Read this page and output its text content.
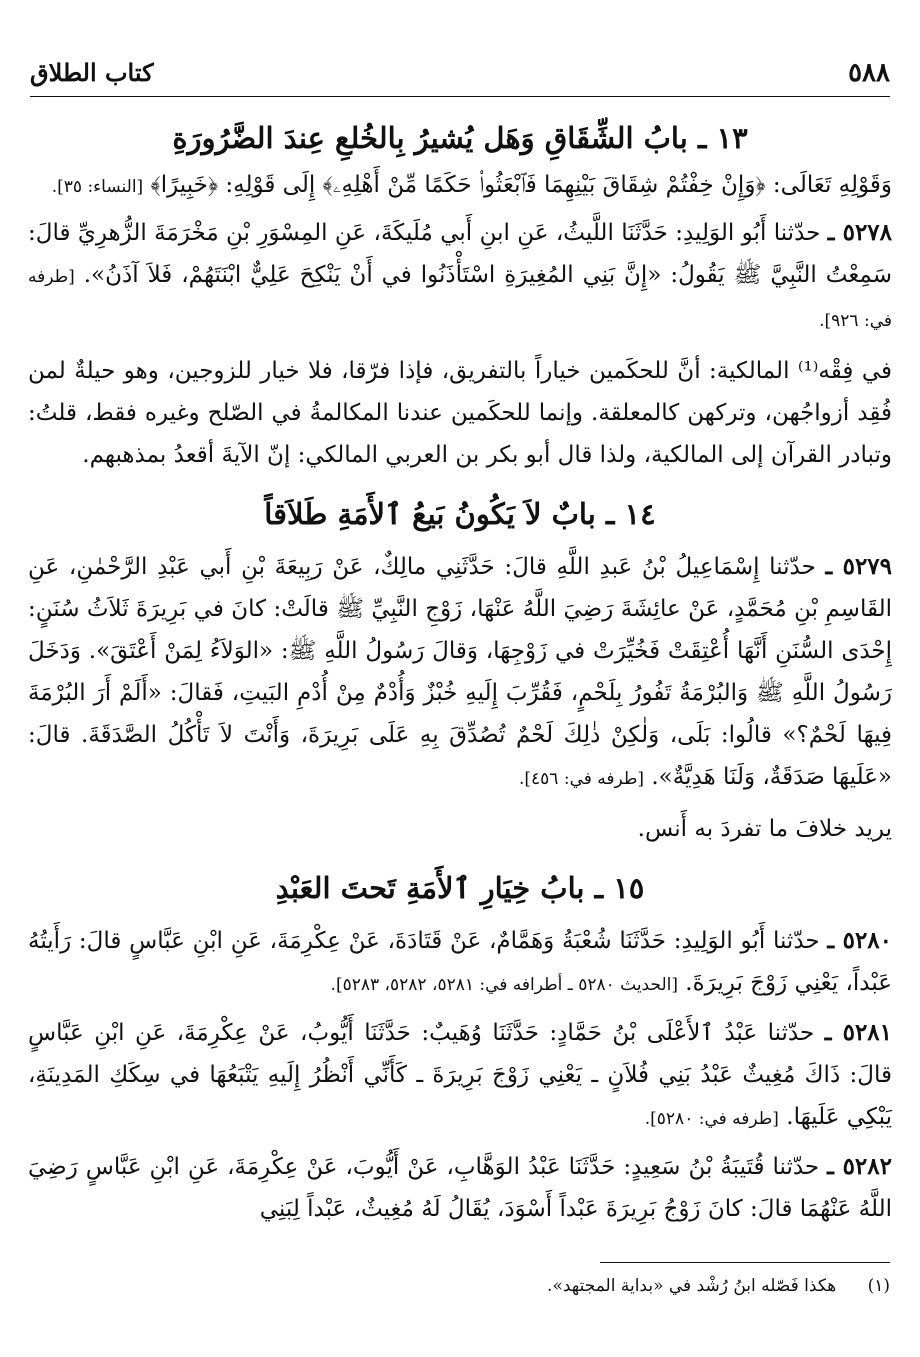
٥٨٨
كتاب الطلاق
١٣ ـ بابُ الشِّقَاقِ وَهَل يُشيرُ بِالخُلعِ عِندَ الضَّرُورَةِ

وَقَوْلِهِ تَعَالَى: ﴿وَإِنْ خِفْتُمْ شِقَاقَ بَيْنِهِمَا فَٱبْعَثُوا۟ حَكَمًا مِّنْ أَهْلِهِۦ﴾ إِلَى قَوْلِهِ: ﴿خَبِيرًا﴾ [النساء: ٣٥].

٥٢٧٨ ـ حدّثنا أَبُو الوَلِيدِ: حَدَّثَنَا اللَّيثُ، عَنِ ابنِ أَبي مُلَيكَةَ، عَنِ المِسْوَرِ بْنِ مَخْرَمَةَ الزُّهرِيِّ قالَ: سَمِعْتُ النَّبِيَّ ﷺ يَقُولُ: «إِنَّ بَنِي المُغِيرَةِ اسْتَأْذَنُوا في أَنْ يَنْكِحَ عَلِيٌّ ابْنَتَهُمْ، فَلاَ آذَنُ». [طرفه في: ٩٢٦].

في فِقْه⁽¹⁾ المالكية: أنَّ للحكَمين خياراً بالتفريق، فإذا فرّقا، فلا خيار للزوجين، وهو حيلةٌ لمن فُقِد أزواجُهن، وتركهن كالمعلقة. وإنما للحكَمين عندنا المكالمةُ في الصّلح وغيره فقط، قلتُ: وتبادر القرآن إلى المالكية، ولذا قال أبو بكر بن العربي المالكي: إنّ الآيةَ أقعدُ بمذهبهم.

١٤ ـ بابٌ لاَ يَكُونُ بَيعُ ٱلأَمَةِ طَلاَقاً

٥٢٧٩ ـ حدّثنا إِسْمَاعِيلُ بْنُ عَبدِ اللَّهِ قالَ: حَدَّثَنِي مالِكٌ، عَنْ رَبِيعَةَ بْنِ أَبي عَبْدِ الرَّحْمٰنِ، عَنِ القَاسِمِ بْنِ مُحَمَّدٍ، عَنْ عائِشَةَ رَضِيَ اللَّهُ عَنْهَا، زَوْجِ النَّبِيِّ ﷺ قالَتْ: كانَ في بَرِيرَةَ ثَلاَثُ سُنَنٍ: إِحْدَى السُّنَنِ أَنَّهَا أُعْتِقَتْ فَخُيِّرَتْ في زَوْجِهَا، وَقالَ رَسُولُ اللَّهِ ﷺ: «الوَلاَءُ لِمَنْ أَعْتَقَ». وَدَخَلَ رَسُولُ اللَّهِ ﷺ وَالبُرْمَةُ تَفُورُ بِلَحْمٍ، فَقُرِّبَ إِلَيهِ خُبْزٌ وَأُدْمٌ مِنْ أُدْمِ البَيتِ، فَقالَ: «أَلَمْ أَرَ البُرْمَةَ فِيهَا لَحْمٌ؟» قالُوا: بَلَى، وَلٰكِنْ ذٰلِكَ لَحْمٌ تُصُدِّقَ بِهِ عَلَى بَرِيرَةَ، وَأَنْتَ لاَ تَأْكُلُ الصَّدَقَةَ. قالَ: «عَلَيهَا صَدَقَةٌ، وَلَنَا هَدِيَّةٌ». [طرفه في: ٤٥٦].

يريد خلافَ ما تفردَ به أَنس.

١٥ ـ بابُ خِيَارِ ٱلأَمَةِ تَحتَ العَبْدِ

٥٢٨٠ ـ حدّثنا أَبُو الوَلِيدِ: حَدَّثَنَا شُعْبَةُ وَهَمَّامٌ، عَنْ قَتَادَةَ، عَنْ عِكْرِمَةَ، عَنِ ابْنِ عَبَّاسٍ قالَ: رَأَيتُهُ عَبْداً، يَعْنِي زَوْجَ بَرِيرَةَ. [الحديث ٥٢٨٠ ـ أطرافه في: ٥٢٨١، ٥٢٨٢، ٥٢٨٣].

٥٢٨١ ـ حدّثنا عَبْدُ ٱلأَعْلَى بْنُ حَمَّادٍ: حَدَّثَنَا وُهَيبٌ: حَدَّثَنَا أَيُّوبُ، عَنْ عِكْرِمَةَ، عَنِ ابْنِ عَبَّاسٍ قالَ: ذَاكَ مُغِيثٌ عَبْدُ بَنِي فُلاَنٍ ـ يَعْنِي زَوْجَ بَرِيرَةَ ـ كَأَنِّي أَنْظُرُ إِلَيهِ يَتْبَعُهَا في سِكَكِ المَدِينَةِ، يَبْكِي عَلَيهَا. [طرفه في: ٥٢٨٠].

٥٢٨٢ ـ حدّثنا قُتَيبَةُ بْنُ سَعِيدٍ: حَدَّثَنَا عَبْدُ الوَهَّابِ، عَنْ أَيُّوبَ، عَنْ عِكْرِمَةَ، عَنِ ابْنِ عَبَّاسٍ رَضِيَ اللَّهُ عَنْهُمَا قالَ: كانَ زَوْجُ بَرِيرَةَ عَبْداً أَسْوَدَ، يُقَالُ لَهُ مُغِيثٌ، عَبْداً لِبَنِي

(١) هكذا فَصّله ابنُ رُشْد في «بداية المجتهد».
